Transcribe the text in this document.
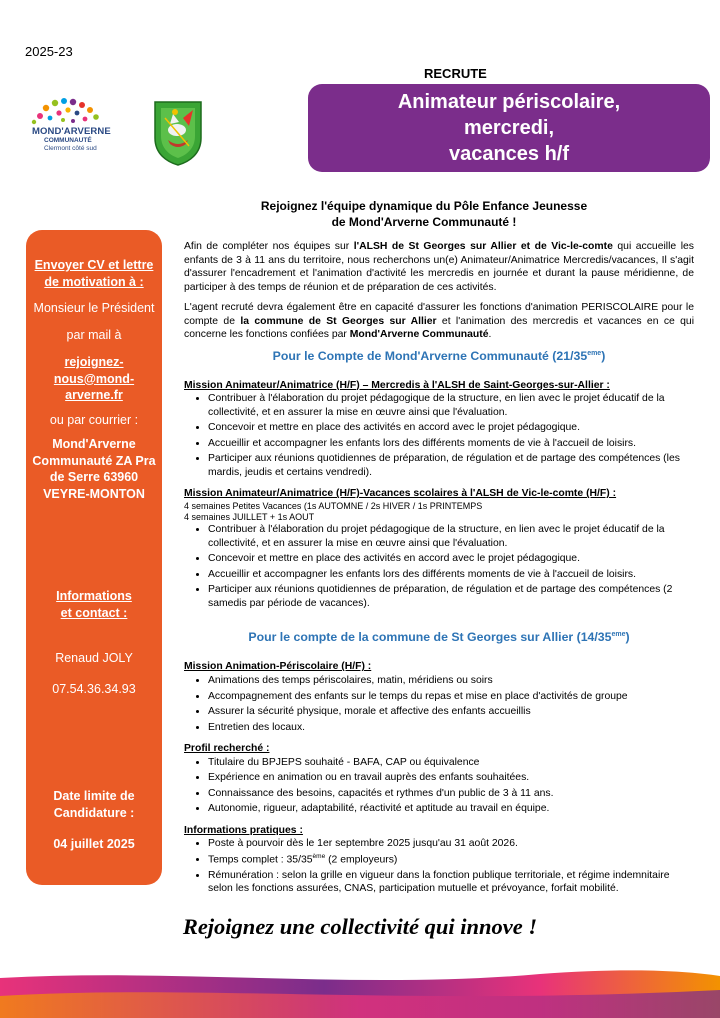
2025-23
RECRUTE
MOND'ARVERNE
COMMUNAUTÉ
Clermont côté sud
Animateur périscolaire, mercredi,
vacances h/f
Rejoignez l'équipe dynamique du Pôle Enfance Jeunesse
de Mond'Arverne Communauté !
Envoyer CV et lettre de motivation à :
Monsieur le Président
par mail à
rejoignez-nous@mond-arverne.fr
ou par courrier :
Mond'Arverne Communauté ZA Pra de Serre 63960 VEYRE-MONTON
Informations
et contact :
Renaud JOLY
07.54.36.34.93
Date limite de Candidature :
04 juillet 2025

Afin de compléter nos équipes sur l'ALSH de St Georges sur Allier et de Vic-le-comte qui accueille les enfants de 3 à 11 ans du territoire, nous recherchons un(e) Animateur/Animatrice Mercredis/vacances, Il s'agit d'assurer l'encadrement et l'animation d'activité les mercredis en journée et durant la pause méridienne, de participer à des temps de réunion et de préparation de ces activités.

L'agent recruté devra également être en capacité d'assurer les fonctions d'animation PERISCOLAIRE pour le compte de la commune de St Georges sur Allier et l'animation des mercredis et vacances en ce qui concerne les fonctions confiées par Mond'Arverne Communauté.

Pour le Compte de Mond'Arverne Communauté (21/35eme)
Mission Animateur/Animatrice (H/F) – Mercredis à l'ALSH de Saint-Georges-sur-Allier :
• Contribuer à l'élaboration du projet pédagogique de la structure, en lien avec le projet éducatif de la collectivité, et en assurer la mise en œuvre ainsi que l'évaluation.
• Concevoir et mettre en place des activités en accord avec le projet pédagogique.
• Accueillir et accompagner les enfants lors des différents moments de vie à l'accueil de loisirs.
• Participer aux réunions quotidiennes de préparation, de régulation et de partage des compétences (les mardis, jeudis et certains vendredi).
Mission Animateur/Animatrice (H/F)-Vacances scolaires à l'ALSH de Vic-le-comte (H/F) :
4 semaines Petites Vacances (1s AUTOMNE / 2s HIVER / 1s PRINTEMPS
4 semaines JUILLET + 1s AOUT
• Contribuer à l'élaboration du projet pédagogique de la structure, en lien avec le projet éducatif de la collectivité, et en assurer la mise en œuvre ainsi que l'évaluation.
• Concevoir et mettre en place des activités en accord avec le projet pédagogique.
• Accueillir et accompagner les enfants lors des différents moments de vie à l'accueil de loisirs.
• Participer aux réunions quotidiennes de préparation, de régulation et de partage des compétences (2 samedis par période de vacances).
Pour le compte de la commune de St Georges sur Allier (14/35eme)
Mission Animation-Périscolaire (H/F) :
• Animations des temps périscolaires, matin, méridiens ou soirs
• Accompagnement des enfants sur le temps du repas et mise en place d'activités de groupe
• Assurer la sécurité physique, morale et affective des enfants accueillis
• Entretien des locaux.
Profil recherché :
• Titulaire du BPJEPS souhaité - BAFA, CAP ou équivalence
• Expérience en animation ou en travail auprès des enfants souhaitées.
• Connaissance des besoins, capacités et rythmes d'un public de 3 à 11 ans.
• Autonomie, rigueur, adaptabilité, réactivité et aptitude au travail en équipe.
Informations pratiques :
• Poste à pourvoir dès le 1er septembre 2025 jusqu'au 31 août 2026.
• Temps complet : 35/35ème (2 employeurs)
• Rémunération : selon la grille en vigueur dans la fonction publique territoriale, et régime indemnitaire selon les fonctions assurées, CNAS, participation mutuelle et prévoyance, forfait mobilité.
Rejoignez une collectivité qui innove !
